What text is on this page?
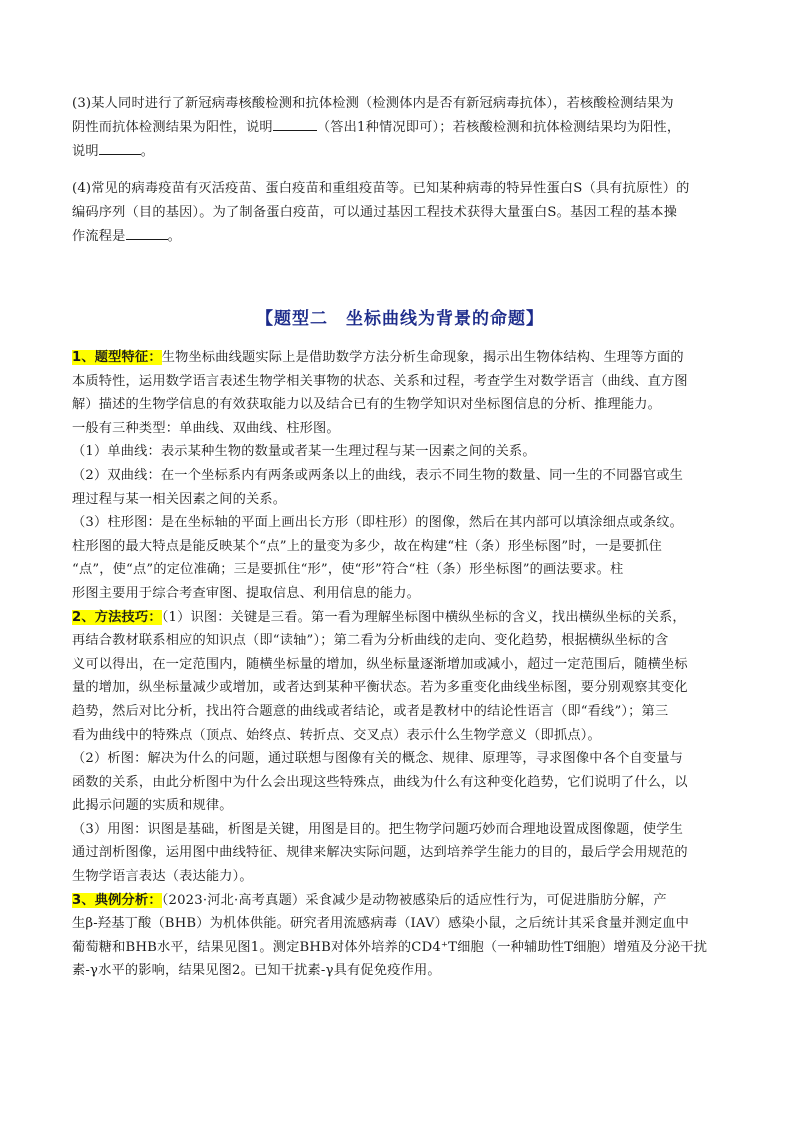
(3)某人同时进行了新冠病毒核酸检测和抗体检测（检测体内是否有新冠病毒抗体），若核酸检测结果为
阴性而抗体检测结果为阳性，说明	（答出1种情况即可）；若核酸检测和抗体检测结果均为阳性，
说明	。
(4)常见的病毒疫苗有灭活疫苗、蛋白疫苗和重组疫苗等。已知某种病毒的特异性蛋白S（具有抗原性）的
编码序列（目的基因）。为了制备蛋白疫苗，可以通过基因工程技术获得大量蛋白S。基因工程的基本操
作流程是	。
【题型二　坐标曲线为背景的命题】
1、题型特征：生物坐标曲线题实际上是借助数学方法分析生命现象，揭示出生物体结构、生理等方面的
本质特性，运用数学语言表述生物学相关事物的状态、关系和过程，考查学生对数学语言（曲线、直方图
解）描述的生物学信息的有效获取能力以及结合已有的生物学知识对坐标图信息的分析、推理能力。
一般有三种类型：单曲线、双曲线、柱形图。
（1）单曲线：表示某种生物的数量或者某一生理过程与某一因素之间的关系。
（2）双曲线：在一个坐标系内有两条或两条以上的曲线，表示不同生物的数量、同一生的不同器官或生
理过程与某一相关因素之间的关系。
（3）柱形图：是在坐标轴的平面上画出长方形（即柱形）的图像，然后在其内部可以填涂细点或条纹。
柱形图的最大特点是能反映某个“点”上的量变为多少，故在构建“柱（条）形坐标图”时，一是要抓住
“点”，使“点”的定位准确；三是要抓住“形”，使“形”符合“柱（条）形坐标图”的画法要求。柱
形图主要用于综合考查审图、提取信息、利用信息的能力。
2、方法技巧：（1）识图：关键是三看。第一看为理解坐标图中横纵坐标的含义，找出横纵坐标的关系，
再结合教材联系相应的知识点（即“读轴”）；第二看为分析曲线的走向、变化趋势，根据横纵坐标的含
义可以得出，在一定范围内，随横坐标量的增加，纵坐标量逐渐增加或减小，超过一定范围后，随横坐标
量的增加，纵坐标量减少或增加，或者达到某种平衡状态。若为多重变化曲线坐标图，要分别观察其变化
趋势，然后对比分析，找出符合题意的曲线或者结论，或者是教材中的结论性语言（即“看线”）；第三
看为曲线中的特殊点（顶点、始终点、转折点、交叉点）表示什么生物学意义（即抓点）。
（2）析图：解决为什么的问题，通过联想与图像有关的概念、规律、原理等，寻求图像中各个自变量与
函数的关系，由此分析图中为什么会出现这些特殊点，曲线为什么有这种变化趋势，它们说明了什么，以
此揭示问题的实质和规律。
（3）用图：识图是基础，析图是关键，用图是目的。把生物学问题巧妙而合理地设置成图像题，使学生
通过剖析图像，运用图中曲线特征、规律来解决实际问题，达到培养学生能力的目的，最后学会用规范的
生物学语言表达（表达能力）。
3、典例分析：（2023·河北·高考真题）采食减少是动物被感染后的适应性行为，可促进脂肪分解，产
生β-羟基丁酸（BHB）为机体供能。研究者用流感病毒（IAV）感染小鼠，之后统计其采食量并测定血中
葡萄糖和BHB水平，结果见图1。测定BHB对体外培养的CD4⁺T细胞（一种辅助性T细胞）增殖及分泌干扰
素-γ水平的影响，结果见图2。已知干扰素-γ具有促免疫作用。
